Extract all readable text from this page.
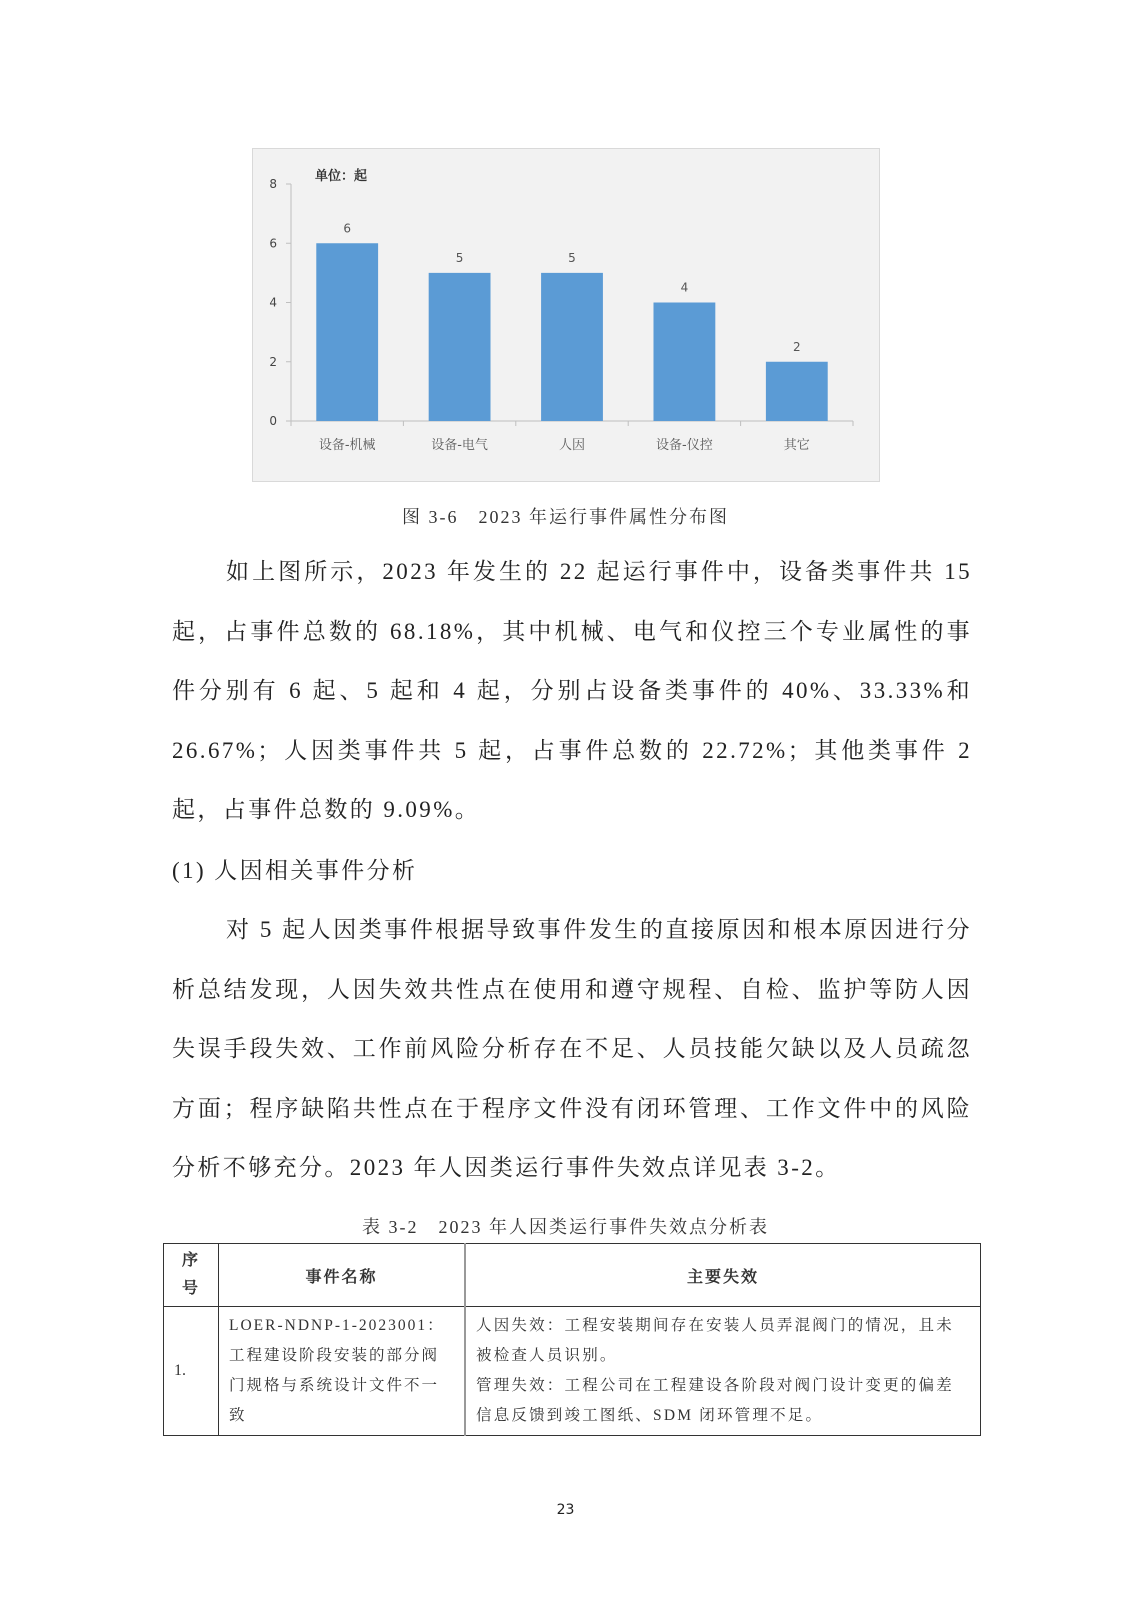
单位：起
0
2
4
6
8
设备-机械	设备-电气	人因	设备-仪控	其它
6
5	5
4
2
图 3-6　2023 年运行事件属性分布图

如上图所示，2023 年发生的 22 起运行事件中，设备类事件共 15 起，占事件总数的 68.18%，其中机械、电气和仪控三个专业属性的事件分别有 6 起、5 起和 4 起，分别占设备类事件的 40%、33.33%和 26.67%；人因类事件共 5 起，占事件总数的 22.72%；其他类事件 2 起，占事件总数的 9.09%。

(1) 人因相关事件分析

对 5 起人因类事件根据导致事件发生的直接原因和根本原因进行分析总结发现，人因失效共性点在使用和遵守规程、自检、监护等防人因失误手段失效、工作前风险分析存在不足、人员技能欠缺以及人员疏忽方面；程序缺陷共性点在于程序文件没有闭环管理、工作文件中的风险分析不够充分。2023 年人因类运行事件失效点详见表 3-2。

表 3-2　2023 年人因类运行事件失效点分析表
序
号	事件名称	主要失效
1.	LOER-NDNP-1-2023001：工程建设阶段安装的部分阀门规格与系统设计文件不一致	人因失效：工程安装期间存在安装人员弄混阀门的情况，且未被检查人员识别。
管理失效：工程公司在工程建设各阶段对阀门设计变更的偏差信息反馈到竣工图纸、SDM 闭环管理不足。
23
